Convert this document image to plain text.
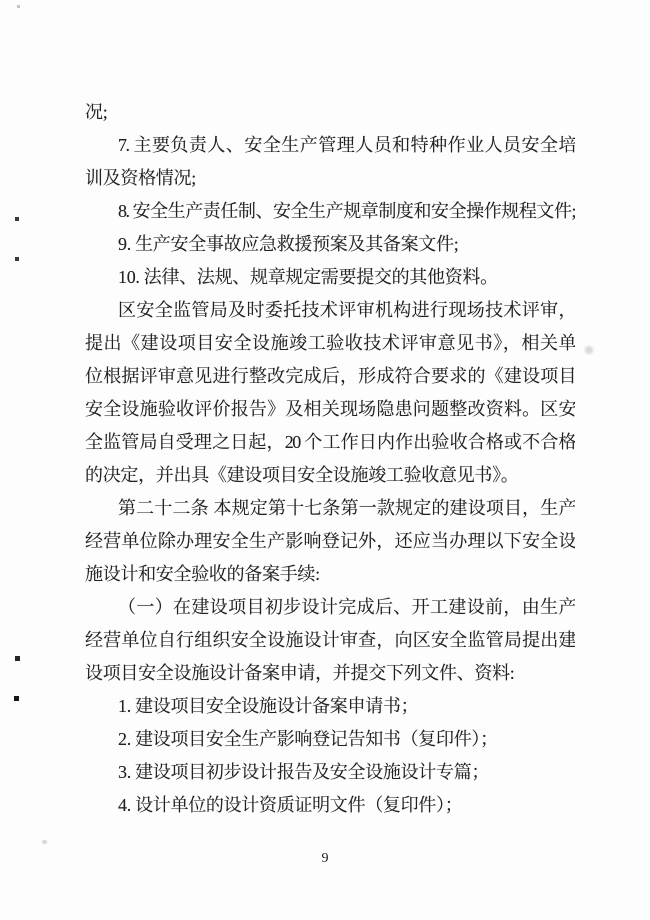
况;
7. 主要负责人、安全生产管理人员和特种作业人员安全培
训及资格情况;
8. 安全生产责任制、安全生产规章制度和安全操作规程文件;
9. 生产安全事故应急救援预案及其备案文件;
10. 法律、法规、规章规定需要提交的其他资料。
区安全监管局及时委托技术评审机构进行现场技术评审，
提出《建设项目安全设施竣工验收技术评审意见书》，相关单
位根据评审意见进行整改完成后，形成符合要求的《建设项目
安全设施验收评价报告》及相关现场隐患问题整改资料。区安
全监管局自受理之日起，20 个工作日内作出验收合格或不合格
的决定，并出具《建设项目安全设施竣工验收意见书》。
第二十二条 本规定第十七条第一款规定的建设项目，生产
经营单位除办理安全生产影响登记外，还应当办理以下安全设
施设计和安全验收的备案手续:
（一）在建设项目初步设计完成后、开工建设前，由生产
经营单位自行组织安全设施设计审查，向区安全监管局提出建
设项目安全设施设计备案申请，并提交下列文件、资料:
1. 建设项目安全设施设计备案申请书；
2. 建设项目安全生产影响登记告知书（复印件）；
3. 建设项目初步设计报告及安全设施设计专篇；
4. 设计单位的设计资质证明文件（复印件）；
9
